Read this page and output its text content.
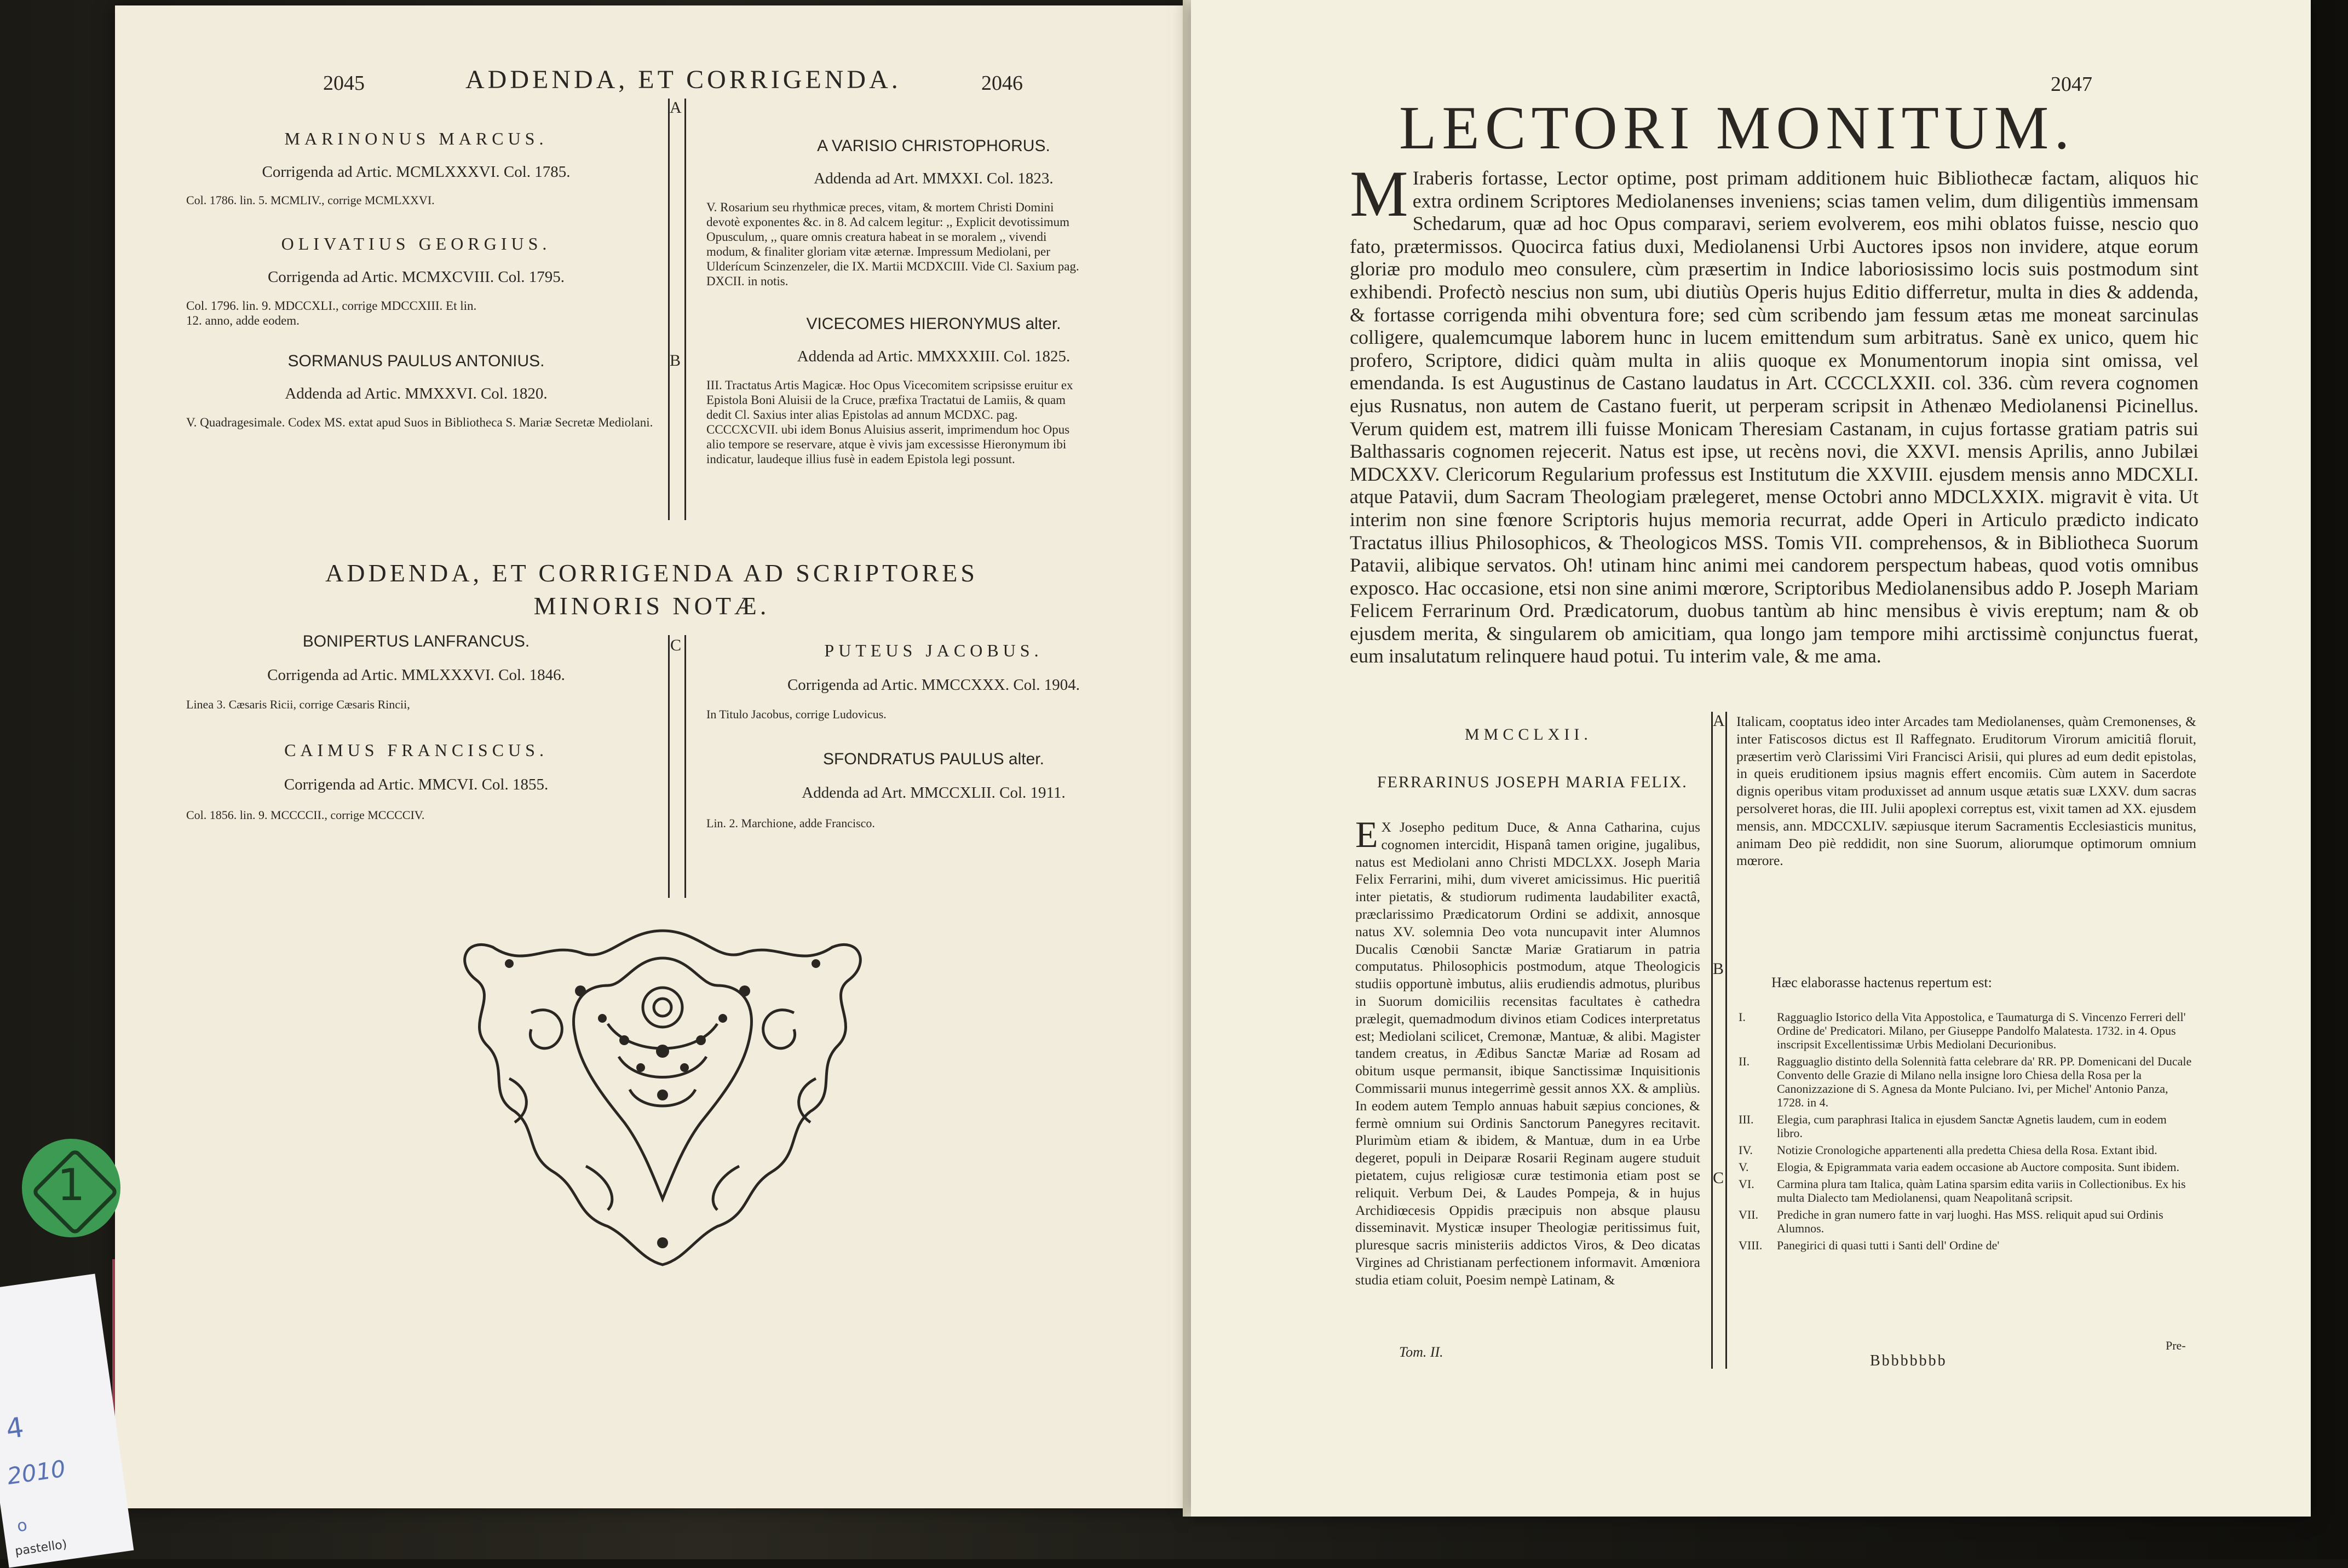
2045	ADDENDA, ET CORRIGENDA.	2046
A
B
MARINONUS MARCUS.
Corrigenda ad Artic. MCMLXXXVI. Col. 1785.
Col. 1786. lin. 5. MCMLIV., corrige MCMLXXVI.
OLIVATIUS GEORGIUS.
Corrigenda ad Artic. MCMXCVIII. Col. 1795.
Col. 1796. lin. 9. MDCCXLI., corrige MDCCXIII. Et lin. 12. anno, adde eodem.
SORMANUS PAULUS ANTONIUS.
Addenda ad Artic. MMXXVI. Col. 1820.
V. Quadragesimale. Codex MS. extat apud Suos in Bibliotheca S. Mariæ Secretæ Mediolani.
A VARISIO CHRISTOPHORUS.
Addenda ad Art. MMXXI. Col. 1823.
V. Rosarium seu rhythmicæ preces, vitam, & mortem Christi Domini devotè exponentes &c. in 8. Ad calcem legitur: ,, Explicit devotissimum Opusculum, ,, quare omnis creatura habeat in se moralem ,, vivendi modum, & finaliter gloriam vitæ æternæ. Impressum Mediolani, per Ulderícum Scinzenzeler, die IX. Martii MCDXCIII. Vide Cl. Saxium pag. DXCII. in notis.
VICECOMES HIERONYMUS alter.
Addenda ad Artic. MMXXXIII. Col. 1825.
III. Tractatus Artis Magicæ. Hoc Opus Vicecomitem scripsisse eruitur ex Epistola Boni Aluisii de la Cruce, præfixa Tractatui de Lamiis, & quam dedit Cl. Saxius inter alias Epistolas ad annum MCDXC. pag. CCCCXCVII. ubi idem Bonus Aluisius asserit, imprimendum hoc Opus alio tempore se reservare, atque è vivis jam excessisse Hieronymum ibi indicatur, laudeque illius fusè in eadem Epistola legi possunt.
ADDENDA, ET CORRIGENDA AD SCRIPTORES
MINORIS NOTÆ.
C
BONIPERTUS LANFRANCUS.
Corrigenda ad Artic. MMLXXXVI. Col. 1846.
Linea 3. Cæsaris Ricii, corrige Cæsaris Rincii,
CAIMUS FRANCISCUS.
Corrigenda ad Artic. MMCVI. Col. 1855.
Col. 1856. lin. 9. MCCCCII., corrige MCCCCIV.
PUTEUS JACOBUS.
Corrigenda ad Artic. MMCCXXX. Col. 1904.
In Titulo Jacobus, corrige Ludovicus.
SFONDRATUS PAULUS alter.
Addenda ad Art. MMCCXLII. Col. 1911.
Lin. 2. Marchione, adde Francisco.
2047
LECTORI MONITUM.
M Iraberis fortasse, Lector optime, post primam additionem huic Bibliothecæ factam, aliquos hic extra ordinem Scriptores Mediolanenses inveniens; scias tamen velim, dum diligentiùs immensam Schedarum, quæ ad hoc Opus comparavi, seriem evolverem, eos mihi oblatos fuisse, nescio quo fato, prætermissos. Quocirca fatius duxi, Mediolanensi Urbi Auctores ipsos non invidere, atque eorum gloriæ pro modulo meo consulere, cùm præsertim in Indice laboriosissimo locis suis postmodum sint exhibendi. Profectò nescius non sum, ubi diutiùs Operis hujus Editio differretur, multa in dies & addenda, & fortasse corrigenda mihi obventura fore; sed cùm scribendo jam fessum ætas me moneat sarcinulas colligere, qualemcumque laborem hunc in lucem emittendum sum arbitratus. Sanè ex unico, quem hic profero, Scriptore, didici quàm multa in aliis quoque ex Monumentorum inopia sint omissa, vel emendanda. Is est Augustinus de Castano laudatus in Art. CCCCLXXII. col. 336. cùm revera cognomen ejus Rusnatus, non autem de Castano fuerit, ut perperam scripsit in Athenæo Mediolanensi Picinellus. Verum quidem est, matrem illi fuisse Monicam Theresiam Castanam, in cujus fortasse gratiam patris sui Balthassaris cognomen rejecerit. Natus est ipse, ut recèns novi, die XXVI. mensis Aprilis, anno Jubilæi MDCXXV. Clericorum Regularium professus est Institutum die XXVIII. ejusdem mensis anno MDCXLI. atque Patavii, dum Sacram Theologiam prælegeret, mense Octobri anno MDCLXXIX. migravit è vita. Ut interim non sine fœnore Scriptoris hujus memoria recurrat, adde Operi in Articulo prædicto indicato Tractatus illius Philosophicos, & Theologicos MSS. Tomis VII. comprehensos, & in Bibliotheca Suorum Patavii, alibique servatos. Oh! utinam hinc animi mei candorem perspectum habeas, quod votis omnibus exposco. Hac occasione, etsi non sine animi mœrore, Scriptoribus Mediolanensibus addo P. Joseph Mariam Felicem Ferrarinum Ord. Prædicatorum, duobus tantùm ab hinc mensibus è vivis ereptum; nam & ob ejusdem merita, & singularem ob amicitiam, qua longo jam tempore mihi arctissimè conjunctus fuerat, eum insalutatum relinquere haud potui. Tu interim vale, & me ama.
MMCCLXII.
FERRARINUS JOSEPH MARIA FELIX.
A
B
C
E X Josepho peditum Duce, & Anna Catharina, cujus cognomen intercidit, Hispanâ tamen origine, jugalibus, natus est Mediolani anno Christi MDCLXX. Joseph Maria Felix Ferrarini, mihi, dum viveret amicissimus. Hic pueritiâ inter pietatis, & studiorum rudimenta laudabiliter exactâ, præclarissimo Prædicatorum Ordini se addixit, annosque natus XV. solemnia Deo vota nuncupavit inter Alumnos Ducalis Cœnobii Sanctæ Mariæ Gratiarum in patria computatus. Philosophicis postmodum, atque Theologicis studiis opportunè imbutus, aliis erudiendis admotus, pluribus in Suorum domiciliis recensitas facultates è cathedra prælegit, quemadmodum divinos etiam Codices interpretatus est; Mediolani scilicet, Cremonæ, Mantuæ, & alibi. Magister tandem creatus, in Ædibus Sanctæ Mariæ ad Rosam ad obitum usque permansit, ibique Sanctissimæ Inquisitionis Commissarii munus integerrimè gessit annos XX. & ampliùs. In eodem autem Templo annuas habuit sæpius conciones, & fermè omnium sui Ordinis Sanctorum Panegyres recitavit. Plurimùm etiam & ibidem, & Mantuæ, dum in ea Urbe degeret, populi in Deiparæ Rosarii Reginam augere studuit pietatem, cujus religiosæ curæ testimonia etiam post se reliquit. Verbum Dei, & Laudes Pompeja, & in hujus Archidiœcesis Oppidis præcipuis non absque plausu disseminavit. Mysticæ insuper Theologiæ peritissimus fuit, pluresque sacris ministeriis addictos Viros, & Deo dicatas Virgines ad Christianam perfectionem informavit. Amœniora studia etiam coluit, Poesim nempè Latinam, &
Tom. II.
Italicam, cooptatus ideo inter Arcades tam Mediolanenses, quàm Cremonenses, & inter Fatiscosos dictus est Il Raffegnato. Eruditorum Virorum amicitiâ floruit, præsertim verò Clarissimi Viri Francisci Arisii, qui plures ad eum dedit epistolas, in queis eruditionem ipsius magnis effert encomiis. Cùm autem in Sacerdote dignis operibus vitam produxisset ad annum usque ætatis suæ LXXV. dum sacras persolveret horas, die III. Julii apoplexi correptus est, vixit tamen ad XX. ejusdem mensis, ann. MDCCXLIV. sæpiusque iterum Sacramentis Ecclesiasticis munitus, animam Deo piè reddidit, non sine Suorum, aliorumque optimorum omnium mœrore.
Hæc elaborasse hactenus repertum est:
I.	Ragguaglio Istorico della Vita Appostolica, e Taumaturga di S. Vincenzo Ferreri dell' Ordine de' Predicatori. Milano, per Giuseppe Pandolfo Malatesta. 1732. in 4. Opus inscripsit Excellentissimæ Urbis Mediolani Decurionibus.
II.	Ragguaglio distinto della Solennità fatta celebrare da' RR. PP. Domenicani del Ducale Convento delle Grazie di Milano nella insigne loro Chiesa della Rosa per la Canonizzazione di S. Agnesa da Monte Pulciano. Ivi, per Michel' Antonio Panza, 1728. in 4.
III.	Elegia, cum paraphrasi Italica in ejusdem Sanctæ Agnetis laudem, cum in eodem libro.
IV.	Notizie Cronologiche appartenenti alla predetta Chiesa della Rosa. Extant ibid.
V.	Elogia, & Epigrammata varia eadem occasione ab Auctore composita. Sunt ibidem.
VI.	Carmina plura tam Italica, quàm Latina sparsim edita variis in Collectionibus. Ex his multa Dialecto tam Mediolanensi, quam Neapolitanâ scripsit.
VII.	Prediche in gran numero fatte in varj luoghi. Has MSS. reliquit apud sui Ordinis Alumnos.
VIII.	Panegirici di quasi tutti i Santi dell' Ordine de'
Pre-
Bbbbbbbb
1
4
2010
o
pastello)
